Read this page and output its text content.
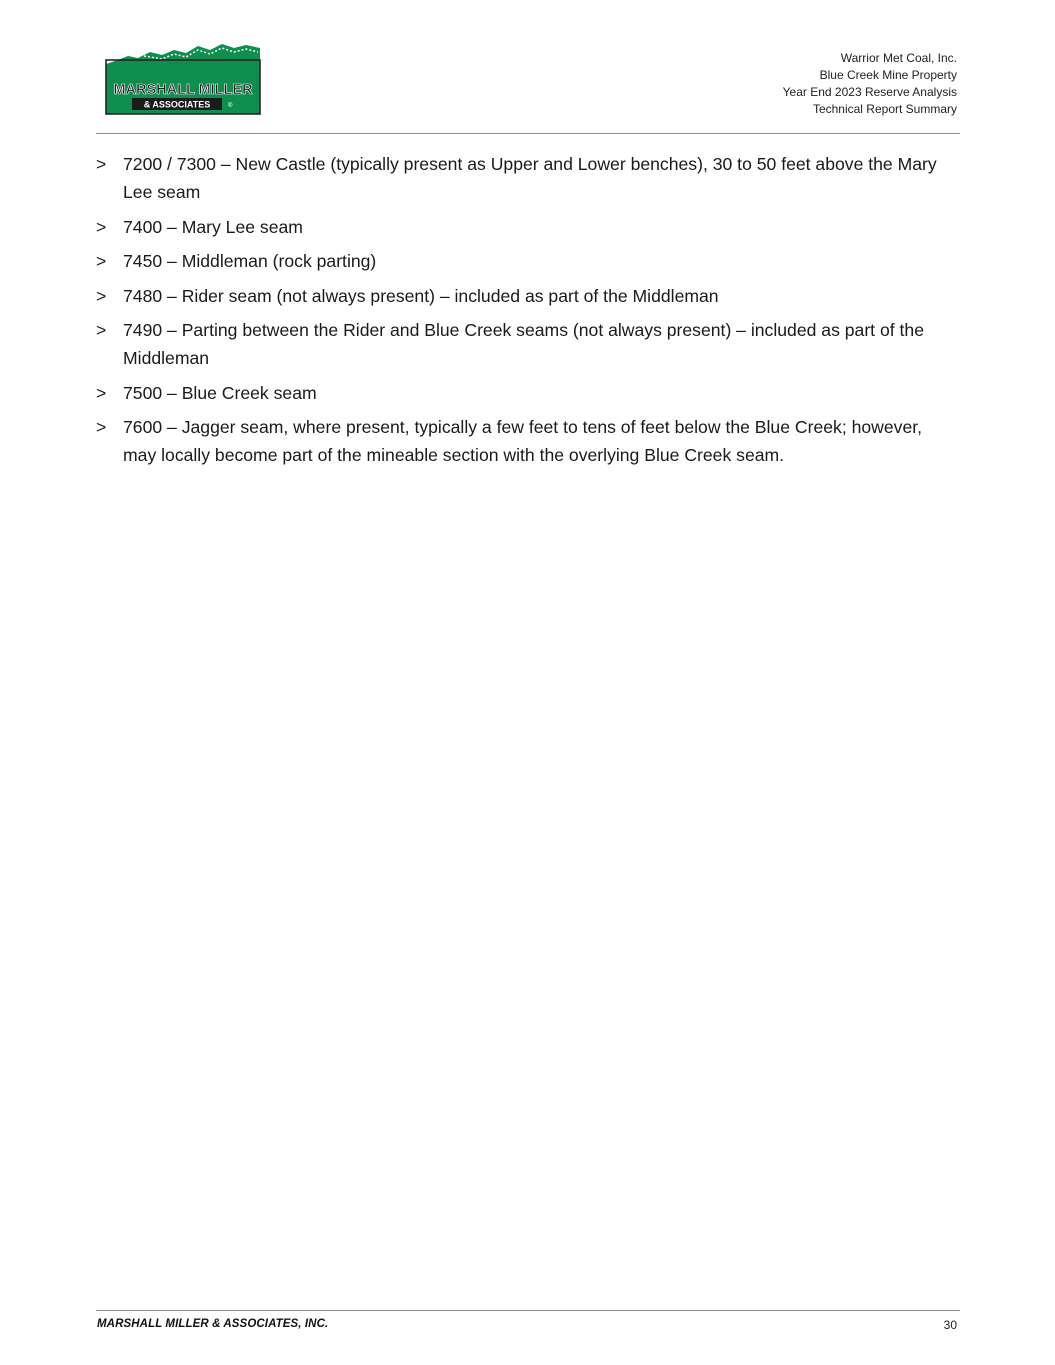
MARSHALL MILLER
& ASSOCIATES	®
Warrior Met Coal, Inc.
Blue Creek Mine Property
Year End 2023 Reserve Analysis
Technical Report Summary
> 7200 / 7300 – New Castle (typically present as Upper and Lower benches), 30 to 50 feet above the Mary Lee seam
> 7400 – Mary Lee seam
> 7450 – Middleman (rock parting)
> 7480 – Rider seam (not always present) – included as part of the Middleman
> 7490 – Parting between the Rider and Blue Creek seams (not always present) – included as part of the Middleman
> 7500 – Blue Creek seam
> 7600 – Jagger seam, where present, typically a few feet to tens of feet below the Blue Creek; however, may locally become part of the mineable section with the overlying Blue Creek seam.
MARSHALL MILLER & ASSOCIATES, INC.	30
